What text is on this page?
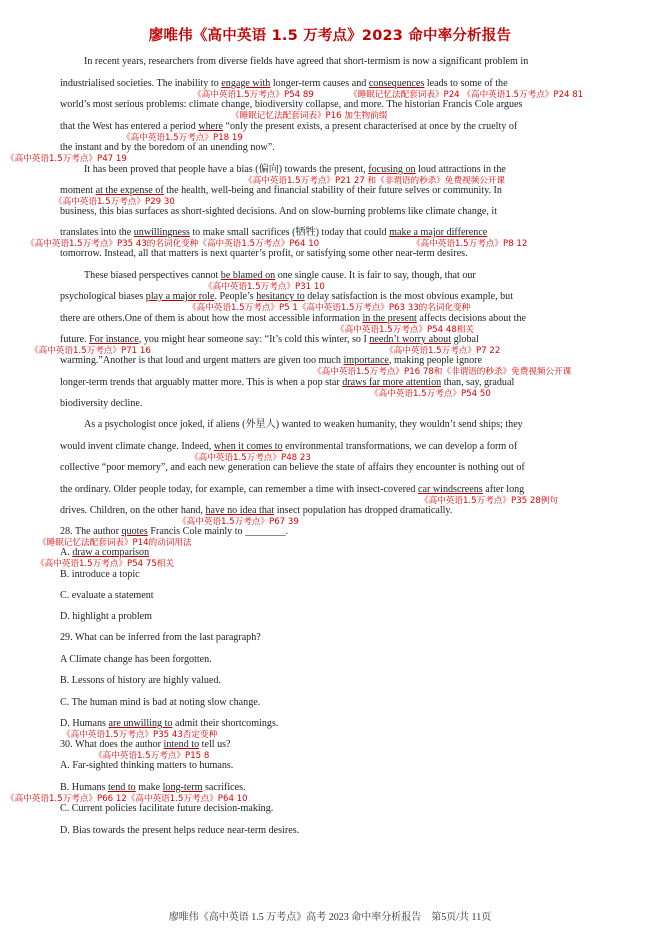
廖唯伟《高中英语 1.5 万考点》2023 命中率分析报告
In recent years, researchers from diverse fields have agreed that short-termism is now a significant problem in
industrialised societies. The inability to engage with longer-term causes and consequences leads to some of the
《高中英语1.5万考点》P54 89	《睡眠记忆法配套词表》P24 《高中英语1.5万考点》P24 81
world’s most serious problems: climate change, biodiversity collapse, and more. The historian Francis Cole argues
《睡眠记忆法配套词表》P16 加生物前缀
that the West has entered a period where “only the present exists, a present characterised at once by the cruelty of
《高中英语1.5万考点》P18 19
the instant and by the boredom of an unending now”.
《高中英语1.5万考点》P47 19
It has been proved that people have a bias (偏向) towards the present, focusing on loud attractions in the
《高中英语1.5万考点》P21 27 和《非谓语的秒杀》免费视频公开课
moment at the expense of the health, well-being and financial stability of their future selves or community. In
《高中英语1.5万考点》P29 30
business, this bias surfaces as short-sighted decisions. And on slow-burning problems like climate change, it
translates into the unwillingness to make small sacrifices (牺牲) today that could make a major difference
《高中英语1.5万考点》P35 43的名词化变种《高中英语1.5万考点》P64 10	《高中英语1.5万考点》P8 12
tomorrow. Instead, all that matters is next quarter’s profit, or satisfying some other near-term desires.
These biased perspectives cannot be blamed on one single cause. It is fair to say, though, that our
《高中英语1.5万考点》P31 10
psychological biases play a major role. People’s hesitancy to delay satisfaction is the most obvious example, but
《高中英语1.5万考点》P5 1《高中英语1.5万考点》P63 33的名词化变种
there are others.One of them is about how the most accessible information in the present affects decisions about the
《高中英语1.5万考点》P54 48相关
future. For instance, you might hear someone say: “It’s cold this winter, so I needn’t worry about global
《高中英语1.5万考点》P71 16	《高中英语1.5万考点》P7 22
warming.”Another is that loud and urgent matters are given too much importance, making people ignore
《高中英语1.5万考点》P16 78和《非谓语的秒杀》免费视频公开课
longer-term trends that arguably matter more. This is when a pop star draws far more attention than, say, gradual
《高中英语1.5万考点》P54 50
biodiversity decline.
As a psychologist once joked, if aliens (外星人) wanted to weaken humanity, they wouldn’t send ships; they
would invent climate change. Indeed, when it comes to environmental transformations, we can develop a form of
《高中英语1.5万考点》P48 23
collective “poor memory”, and each new generation can believe the state of affairs they encounter is nothing out of
the ordinary. Older people today, for example, can remember a time with insect-covered car windscreens after long
《高中英语1.5万考点》P35 28例句
drives. Children, on the other hand, have no idea that insect population has dropped dramatically.
《高中英语1.5万考点》P67 39
28. The author quotes Francis Cole mainly to ________.
《睡眠记忆法配套词表》P14的动词用法
A. draw a comparison
《高中英语1.5万考点》P54 75相关
B. introduce a topic
C. evaluate a statement
D. highlight a problem
29. What can be inferred from the last paragraph?
A Climate change has been forgotten.
B. Lessons of history are highly valued.
C. The human mind is bad at noting slow change.
D. Humans are unwilling to admit their shortcomings.
《高中英语1.5万考点》P35 43否定变种
30. What does the author intend to tell us?
《高中英语1.5万考点》P15 8
A. Far-sighted thinking matters to humans.
B. Humans tend to make long-term sacrifices.
《高中英语1.5万考点》P66 12《高中英语1.5万考点》P64 10
C. Current policies facilitate future decision-making.
D. Bias towards the present helps reduce near-term desires.
廖唯伟《高中英语 1.5 万考点》高考 2023 命中率分析报告    第5页/共 11页
